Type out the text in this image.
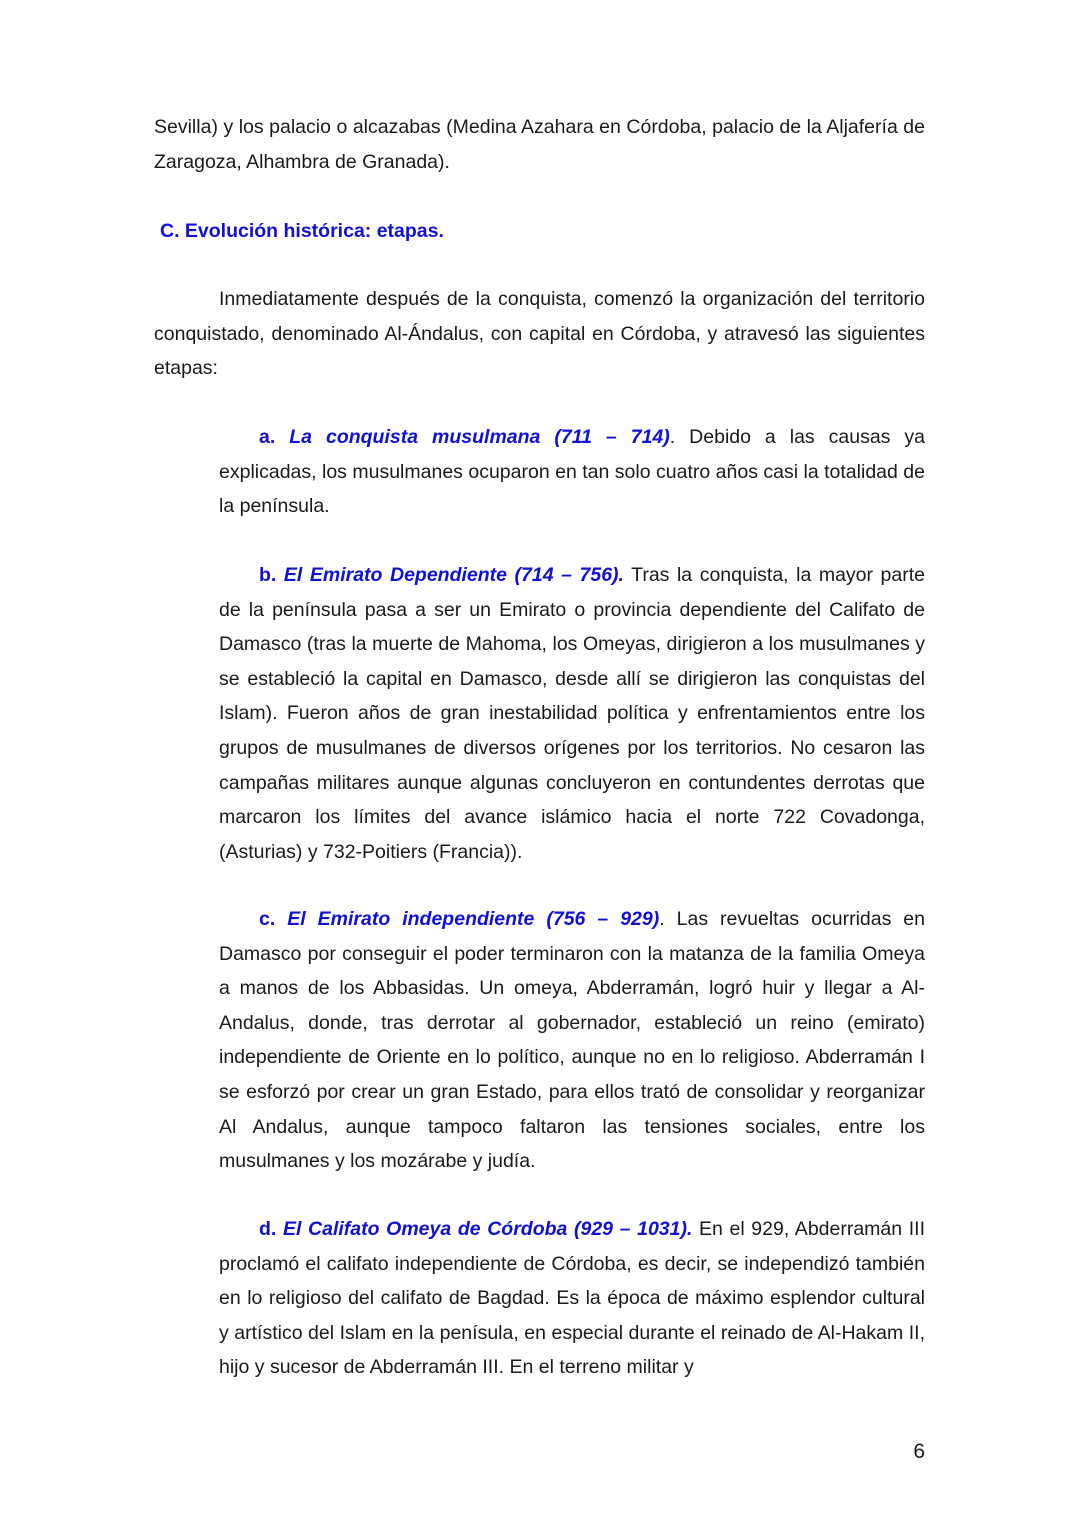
Sevilla) y los palacio o alcazabas (Medina Azahara en Córdoba, palacio de la Aljafería de Zaragoza, Alhambra de Granada).

C. Evolución histórica: etapas.

Inmediatamente después de la conquista, comenzó la organización del territorio conquistado, denominado Al-Ándalus, con capital en Córdoba, y atravesó las siguientes etapas:

a. La conquista musulmana (711 – 714). Debido a las causas ya explicadas, los musulmanes ocuparon en tan solo cuatro años casi la totalidad de la península.

b. El Emirato Dependiente (714 – 756). Tras la conquista, la mayor parte de la península pasa a ser un Emirato o provincia dependiente del Califato de Damasco (tras la muerte de Mahoma, los Omeyas, dirigieron a los musulmanes y se estableció la capital en Damasco, desde allí se dirigieron las conquistas del Islam). Fueron años de gran inestabilidad política y enfrentamientos entre los grupos de musulmanes de diversos orígenes por los territorios. No cesaron las campañas militares aunque algunas concluyeron en contundentes derrotas que marcaron los límites del avance islámico hacia el norte 722 Covadonga, (Asturias) y 732-Poitiers (Francia)).

c. El Emirato independiente (756 – 929). Las revueltas ocurridas en Damasco por conseguir el poder terminaron con la matanza de la familia Omeya a manos de los Abbasidas. Un omeya, Abderramán, logró huir y llegar a Al-Andalus, donde, tras derrotar al gobernador, estableció un reino (emirato) independiente de Oriente en lo político, aunque no en lo religioso. Abderramán I se esforzó por crear un gran Estado, para ellos trató de consolidar y reorganizar Al Andalus, aunque tampoco faltaron las tensiones sociales, entre los musulmanes y los mozárabe y judía.

d. El Califato Omeya de Córdoba (929 – 1031). En el 929, Abderramán III proclamó el califato independiente de Córdoba, es decir, se independizó también en lo religioso del califato de Bagdad. Es la época de máximo esplendor cultural y artístico del Islam en la penísula, en especial durante el reinado de Al-Hakam II, hijo y sucesor de Abderramán III. En el terreno militar y

6
